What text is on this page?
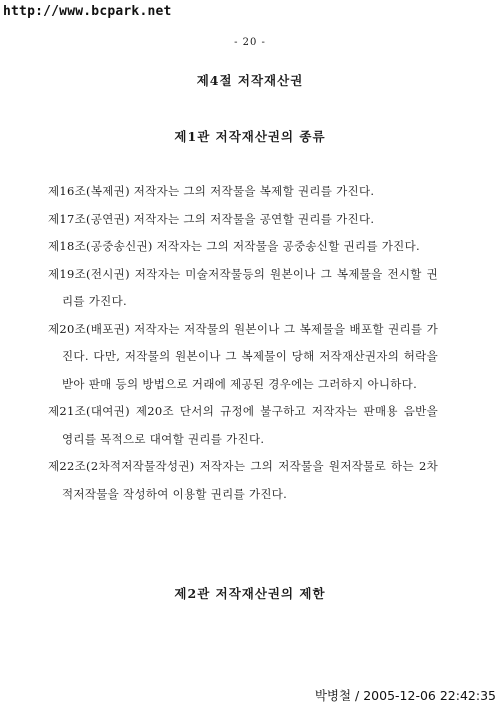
http://www.bcpark.net
- 20 -
제4절 저작재산권
제1관 저작재산권의 종류
제16조(복제권) 저작자는 그의 저작물을 복제할 권리를 가진다.
제17조(공연권) 저작자는 그의 저작물을 공연할 권리를 가진다.
제18조(공중송신권) 저작자는 그의 저작물을 공중송신할 권리를 가진다.
제19조(전시권) 저작자는 미술저작물등의 원본이나 그 복제물을 전시할 권리를 가진다.
제20조(배포권) 저작자는 저작물의 원본이나 그 복제물을 배포할 권리를 가진다. 다만, 저작물의 원본이나 그 복제물이 당해 저작재산권자의 허락을 받아 판매 등의 방법으로 거래에 제공된 경우에는 그러하지 아니하다.
제21조(대여권) 제20조 단서의 규정에 불구하고 저작자는 판매용 음반을 영리를 목적으로 대여할 권리를 가진다.
제22조(2차적저작물작성권) 저작자는 그의 저작물을 원저작물로 하는 2차적저작물을 작성하여 이용할 권리를 가진다.
제2관 저작재산권의 제한
박병철 / 2005-12-06 22:42:35
